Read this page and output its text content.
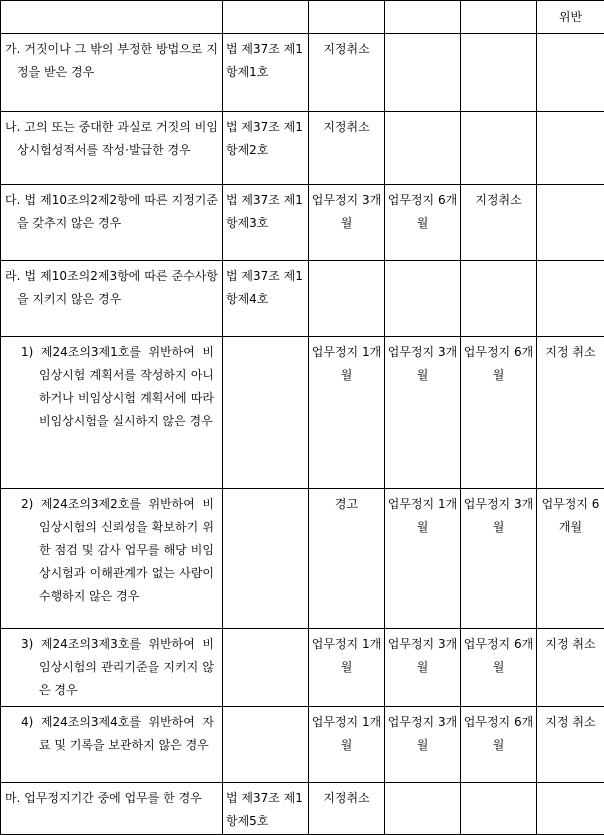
					위반

가. 거짓이나 그 밖의 부정한 방법으로 지정을 받은 경우	법 제37조 제1항제1호	지정취소			

나. 고의 또는 중대한 과실로 거짓의 비임상시험성적서를 작성·발급한 경우	법 제37조 제1항제2호	지정취소			

다. 법 제10조의2제2항에 따른 지정기준을 갖추지 않은 경우	법 제37조 제1항제3호	업무정지 3개월	업무정지 6개월	지정취소	

라. 법 제10조의2제3항에 따른 준수사항을 지키지 않은 경우	법 제37조 제1항제4호				

1) 제24조의3제1호를 위반하여 비임상시험 계획서를 작성하지 아니하거나 비임상시험 계획서에 따라 비임상시험을 실시하지 않은 경우		업무정지 1개월	업무정지 3개월	업무정지 6개월	지정 취소

2) 제24조의3제2호를 위반하여 비임상시험의 신뢰성을 확보하기 위한 점검 및 감사 업무를 해당 비임상시험과 이해관계가 없는 사람이 수행하지 않은 경우		경고	업무정지 1개월	업무정지 3개월	업무정지 6개월

3) 제24조의3제3호를 위반하여 비임상시험의 관리기준을 지키지 않은 경우		업무정지 1개월	업무정지 3개월	업무정지 6개월	지정 취소

4) 제24조의3제4호를 위반하여 자료 및 기록을 보관하지 않은 경우		업무정지 1개월	업무정지 3개월	업무정지 6개월	지정 취소

마. 업무정지기간 중에 업무를 한 경우	법 제37조 제1항제5호	지정취소			
